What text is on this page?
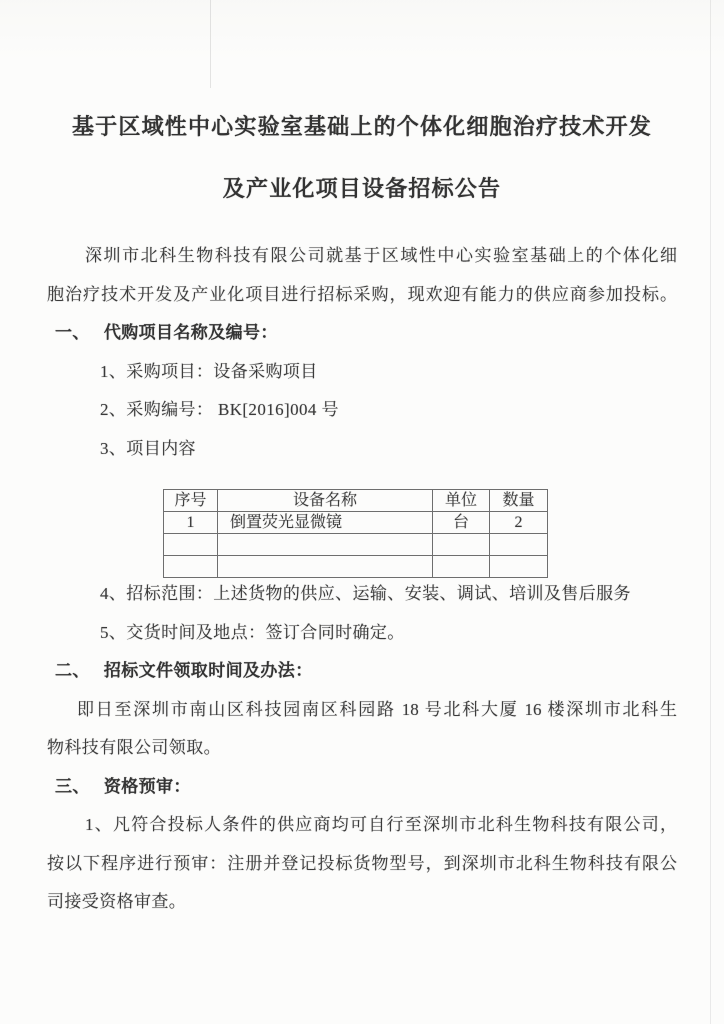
基于区域性中心实验室基础上的个体化细胞治疗技术开发
及产业化项目设备招标公告
深圳市北科生物科技有限公司就基于区域性中心实验室基础上的个体化细
胞治疗技术开发及产业化项目进行招标采购，现欢迎有能力的供应商参加投标。
一、 代购项目名称及编号：
1、采购项目：设备采购项目
2、采购编号： BK[2016]004 号
3、项目内容
序号	设备名称	单位	数量
1	倒置荧光显微镜	台	2

4、招标范围：上述货物的供应、运输、安装、调试、培训及售后服务
5、交货时间及地点：签订合同时确定。
二、 招标文件领取时间及办法：
即日至深圳市南山区科技园南区科园路 18 号北科大厦 16 楼深圳市北科生
物科技有限公司领取。
三、 资格预审：
1、凡符合投标人条件的供应商均可自行至深圳市北科生物科技有限公司，
按以下程序进行预审：注册并登记投标货物型号，到深圳市北科生物科技有限公
司接受资格审查。
